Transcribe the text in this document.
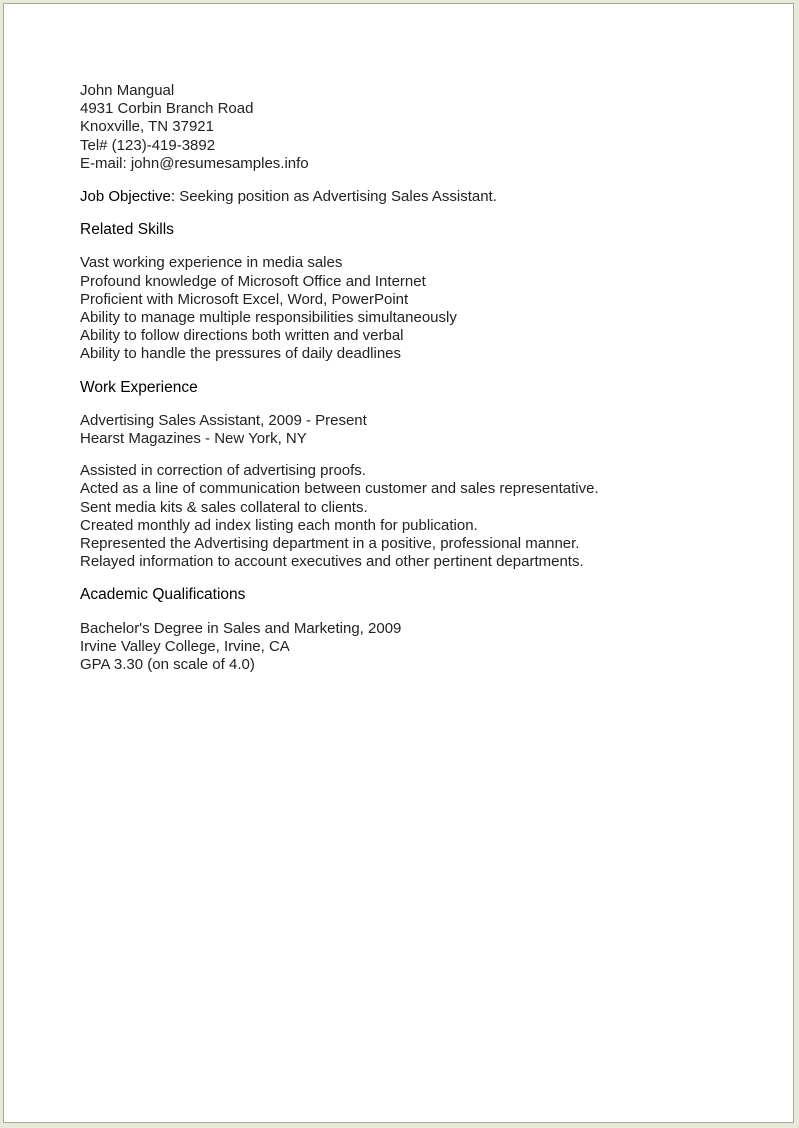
John Mangual
4931 Corbin Branch Road
Knoxville, TN 37921
Tel# (123)-419-3892
E-mail: john@resumesamples.info
Job Objective: Seeking position as Advertising Sales Assistant.
Related Skills
Vast working experience in media sales
Profound knowledge of Microsoft Office and Internet
Proficient with Microsoft Excel, Word, PowerPoint
Ability to manage multiple responsibilities simultaneously
Ability to follow directions both written and verbal
Ability to handle the pressures of daily deadlines
Work Experience
Advertising Sales Assistant, 2009 - Present
Hearst Magazines - New York, NY
Assisted in correction of advertising proofs.
Acted as a line of communication between customer and sales representative.
Sent media kits & sales collateral to clients.
Created monthly ad index listing each month for publication.
Represented the Advertising department in a positive, professional manner.
Relayed information to account executives and other pertinent departments.
Academic Qualifications
Bachelor's Degree in Sales and Marketing, 2009
Irvine Valley College, Irvine, CA
GPA 3.30 (on scale of 4.0)
